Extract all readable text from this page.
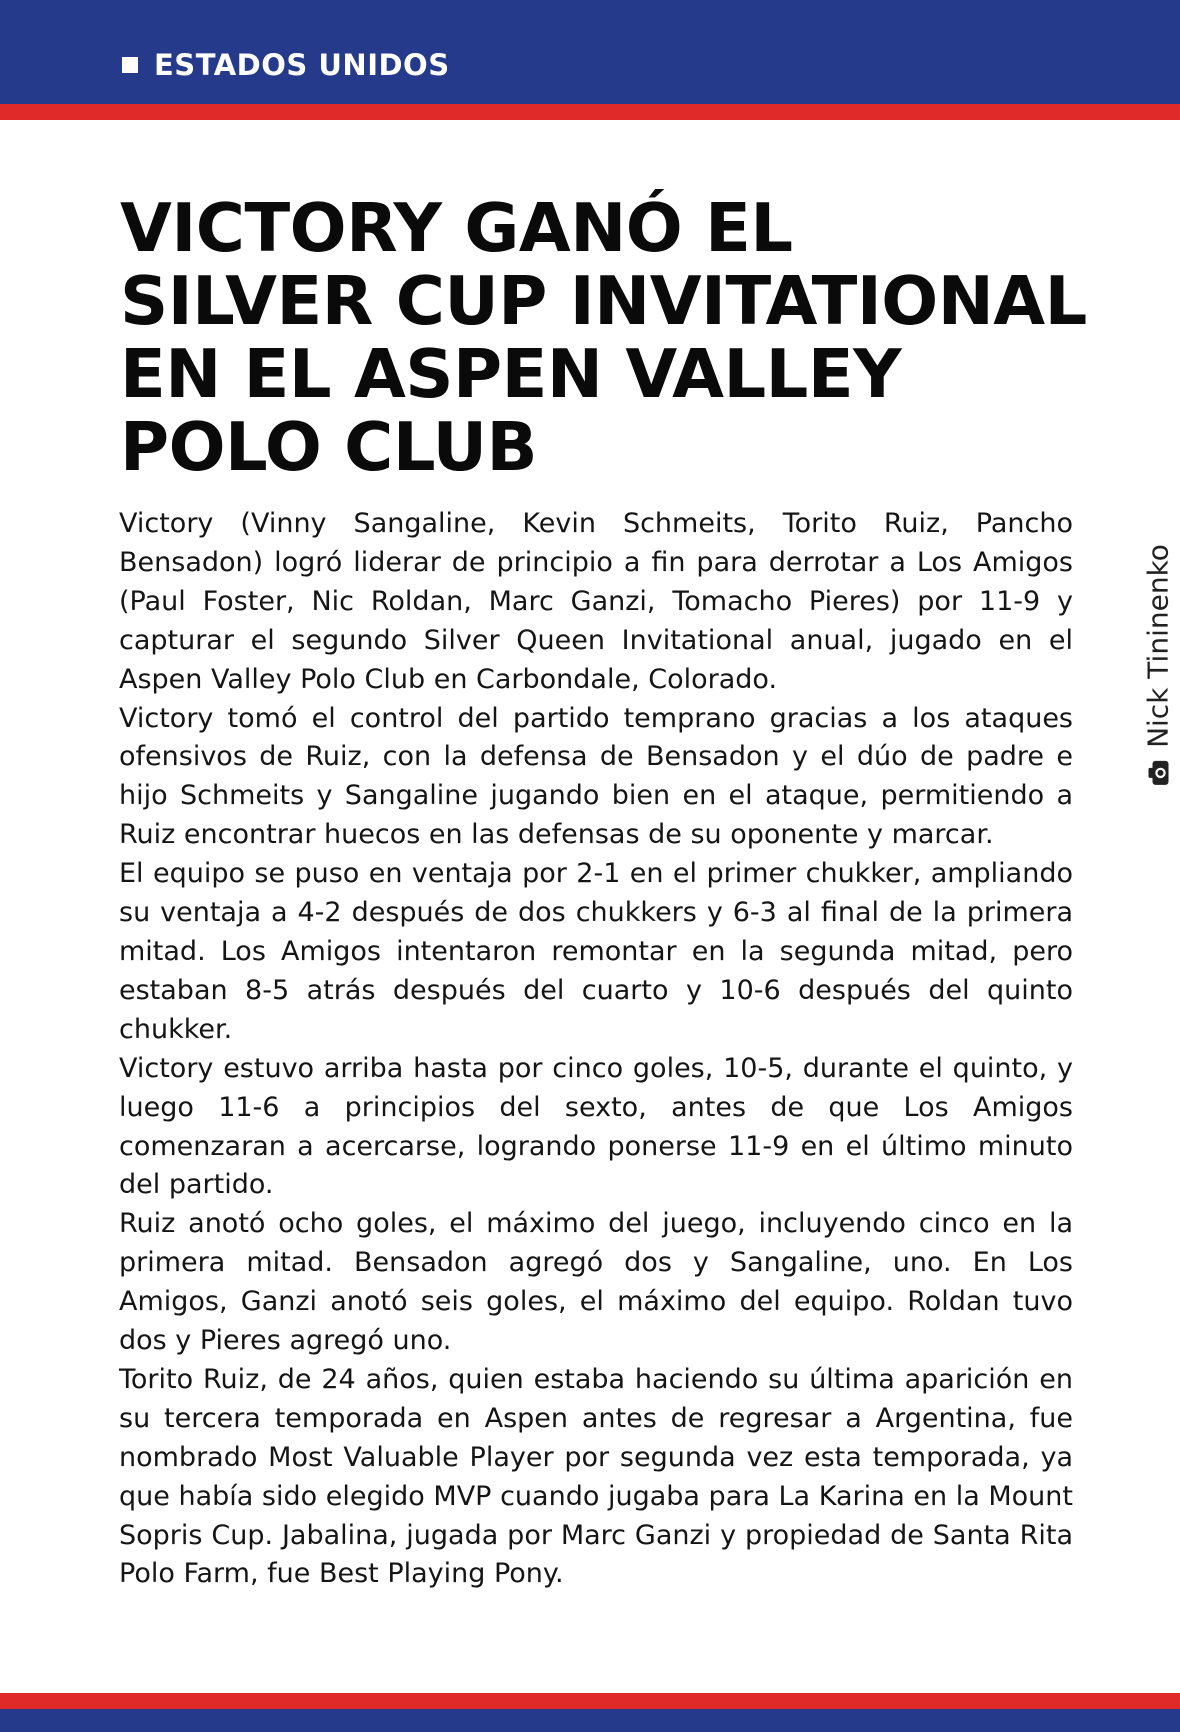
ESTADOS UNIDOS
VICTORY GANÓ EL
SILVER CUP INVITATIONAL
EN EL ASPEN VALLEY
POLO CLUB

Victory (Vinny Sangaline, Kevin Schmeits, Torito Ruiz, Pancho Bensadon) logró liderar de principio a fin para derrotar a Los Amigos (Paul Foster, Nic Roldan, Marc Ganzi, Tomacho Pieres) por 11-9 y capturar el segundo Silver Queen Invitational anual, jugado en el Aspen Valley Polo Club en Carbondale, Colorado.

Victory tomó el control del partido temprano gracias a los ataques ofensivos de Ruiz, con la defensa de Bensadon y el dúo de padre e hijo Schmeits y Sangaline jugando bien en el ataque, permitiendo a Ruiz encontrar huecos en las defensas de su oponente y marcar.

El equipo se puso en ventaja por 2-1 en el primer chukker, ampliando su ventaja a 4-2 después de dos chukkers y 6-3 al final de la primera mitad. Los Amigos intentaron remontar en la segunda mitad, pero estaban 8-5 atrás después del cuarto y 10-6 después del quinto chukker.

Victory estuvo arriba hasta por cinco goles, 10-5, durante el quinto, y luego 11-6 a principios del sexto, antes de que Los Amigos comenzaran a acercarse, logrando ponerse 11-9 en el último minuto del partido.

Ruiz anotó ocho goles, el máximo del juego, incluyendo cinco en la primera mitad. Bensadon agregó dos y Sangaline, uno. En Los Amigos, Ganzi anotó seis goles, el máximo del equipo. Roldan tuvo dos y Pieres agregó uno.

Torito Ruiz, de 24 años, quien estaba haciendo su última aparición en su tercera temporada en Aspen antes de regresar a Argentina, fue nombrado Most Valuable Player por segunda vez esta temporada, ya que había sido elegido MVP cuando jugaba para La Karina en la Mount Sopris Cup. Jabalina, jugada por Marc Ganzi y propiedad de Santa Rita Polo Farm, fue Best Playing Pony.

Nick Tininenko
